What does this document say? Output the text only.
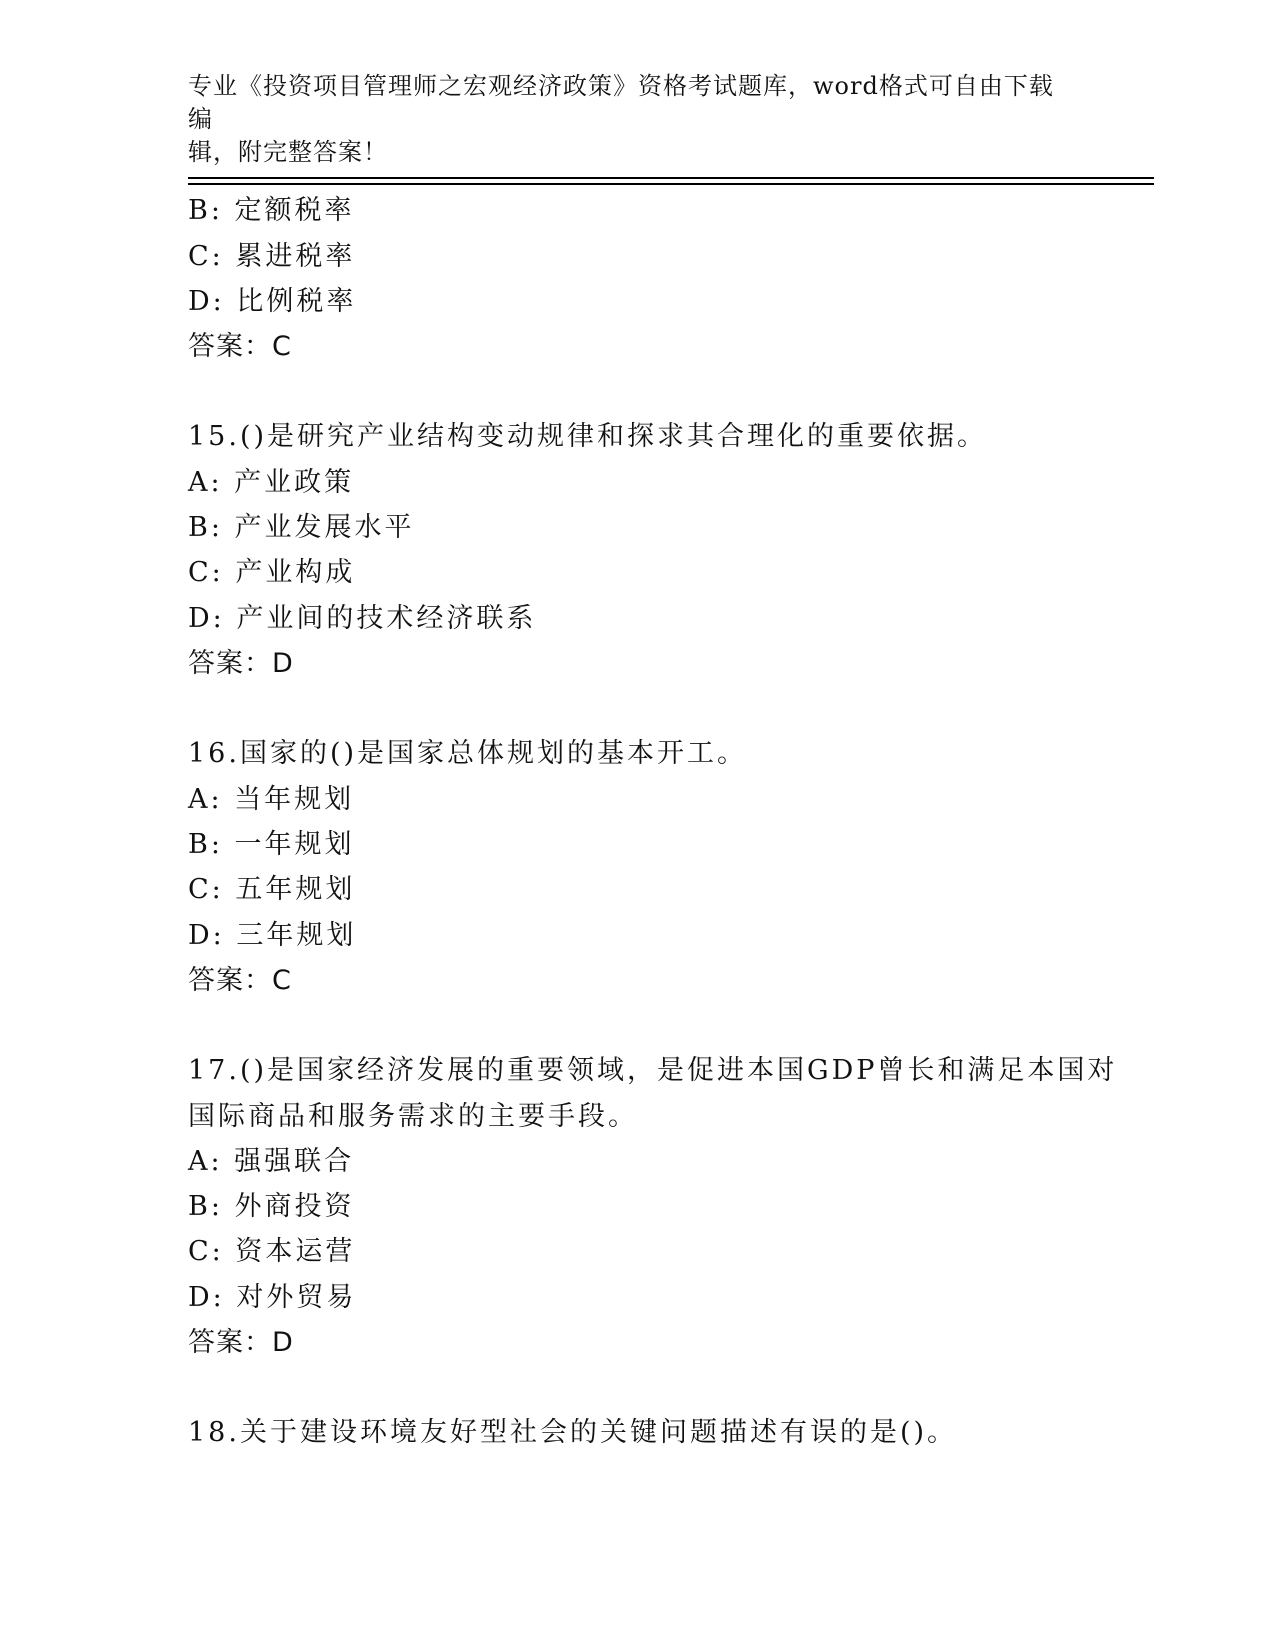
专业《投资项目管理师之宏观经济政策》资格考试题库，word格式可自由下载编
辑，附完整答案！
B: 定额税率
C: 累进税率
D: 比例税率
答案：C
15.()是研究产业结构变动规律和探求其合理化的重要依据。
A: 产业政策
B: 产业发展水平
C: 产业构成
D: 产业间的技术经济联系
答案：D
16.国家的()是国家总体规划的基本开工。
A: 当年规划
B: 一年规划
C: 五年规划
D: 三年规划
答案：C
17.()是国家经济发展的重要领域，是促进本国GDP曾长和满足本国对
国际商品和服务需求的主要手段。
A: 强强联合
B: 外商投资
C: 资本运营
D: 对外贸易
答案：D
18.关于建设环境友好型社会的关键问题描述有误的是()。
